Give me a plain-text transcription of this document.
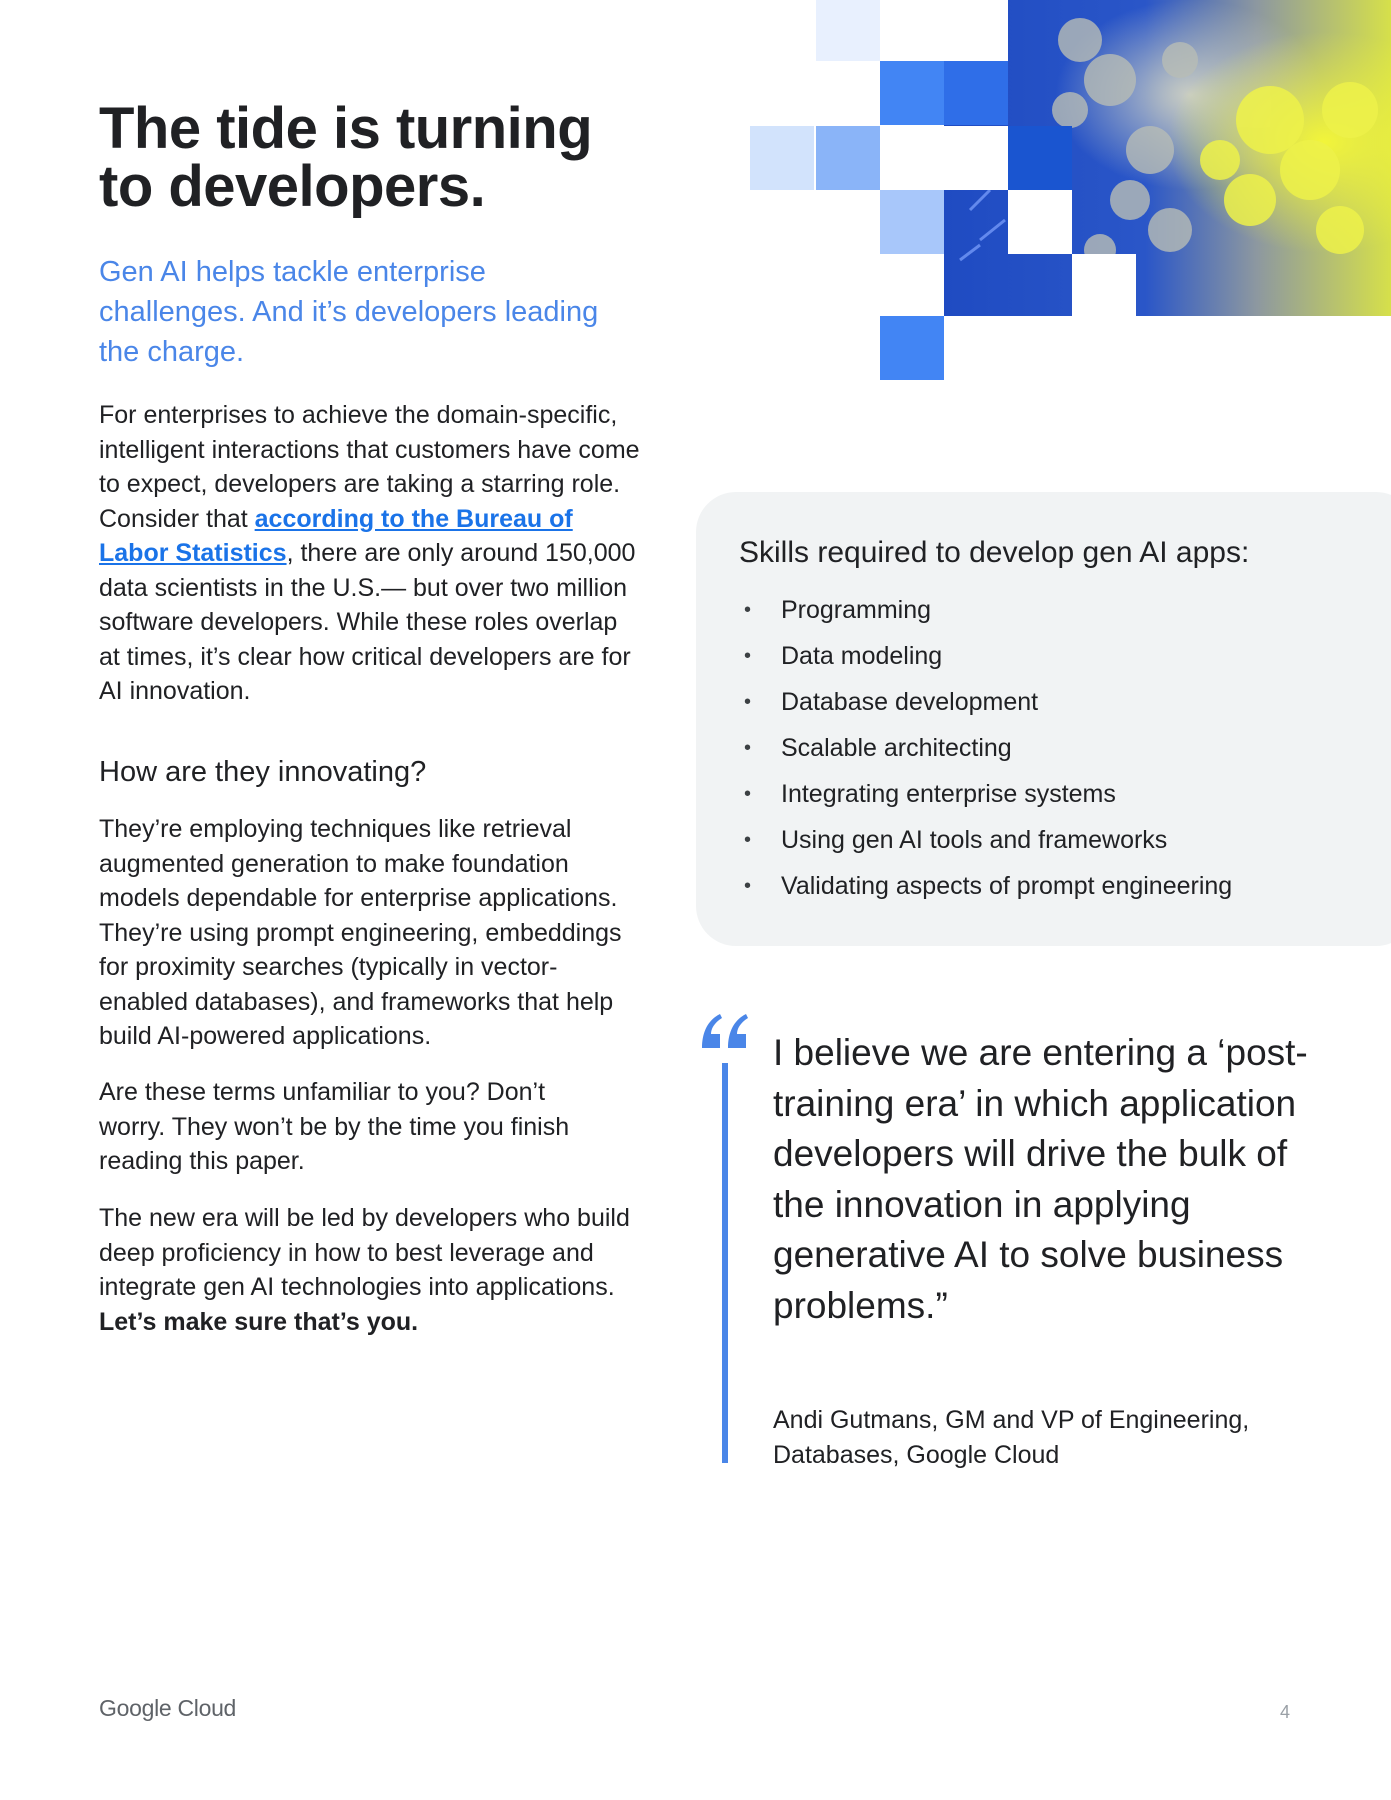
The tide is turning to developers.

Gen AI helps tackle enterprise challenges. And it’s developers leading the charge.

For enterprises to achieve the domain-specific, intelligent interactions that customers have come to expect, developers are taking a starring role. Consider that according to the Bureau of Labor Statistics, there are only around 150,000 data scientists in the U.S.— but over two million software developers. While these roles overlap at times, it’s clear how critical developers are for AI innovation.

How are they innovating?

They’re employing techniques like retrieval augmented generation to make foundation models dependable for enterprise applications. They’re using prompt engineering, embeddings for proximity searches (typically in vector-enabled databases), and frameworks that help build AI-powered applications.

Are these terms unfamiliar to you? Don’t worry. They won’t be by the time you finish reading this paper.

The new era will be led by developers who build deep proficiency in how to best leverage and integrate gen AI technologies into applications. Let’s make sure that’s you.

Skills required to develop gen AI apps:
• Programming
• Data modeling
• Database development
• Scalable architecting
• Integrating enterprise systems
• Using gen AI tools and frameworks
• Validating aspects of prompt engineering

I believe we are entering a ‘post-training era’ in which application developers will drive the bulk of the innovation in applying generative AI to solve business problems.”

Andi Gutmans, GM and VP of Engineering, Databases, Google Cloud

Google Cloud	4
